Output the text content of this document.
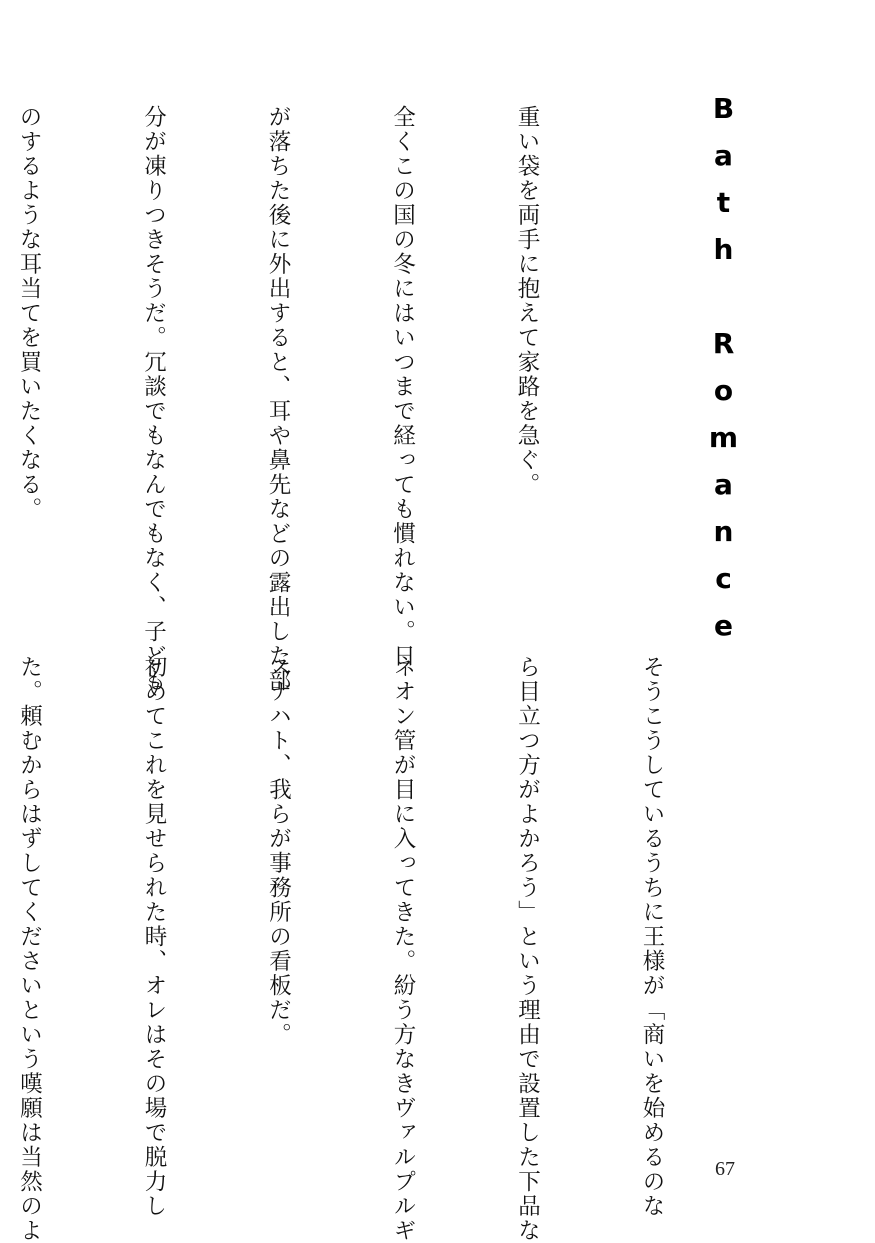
Bath Romance

重い袋を両手に抱えて家路を急ぐ。

全くこの国の冬にはいつまで経っても慣れない。日

が落ちた後に外出すると、耳や鼻先などの露出した部

分が凍りつきそうだ。冗談でもなんでもなく、子ども

のするような耳当てを買いたくなる。

そうこうしているうちに王様が「商いを始めるのな

ら目立つ方がよかろう」という理由で設置した下品な

ネオン管が目に入ってきた。紛う方なきヴァルプルギ

スナハト、我らが事務所の看板だ。

初めてこれを見せられた時、オレはその場で脱力し

た。頼むからはずしてくださいという嘆願は当然のよ

	67
